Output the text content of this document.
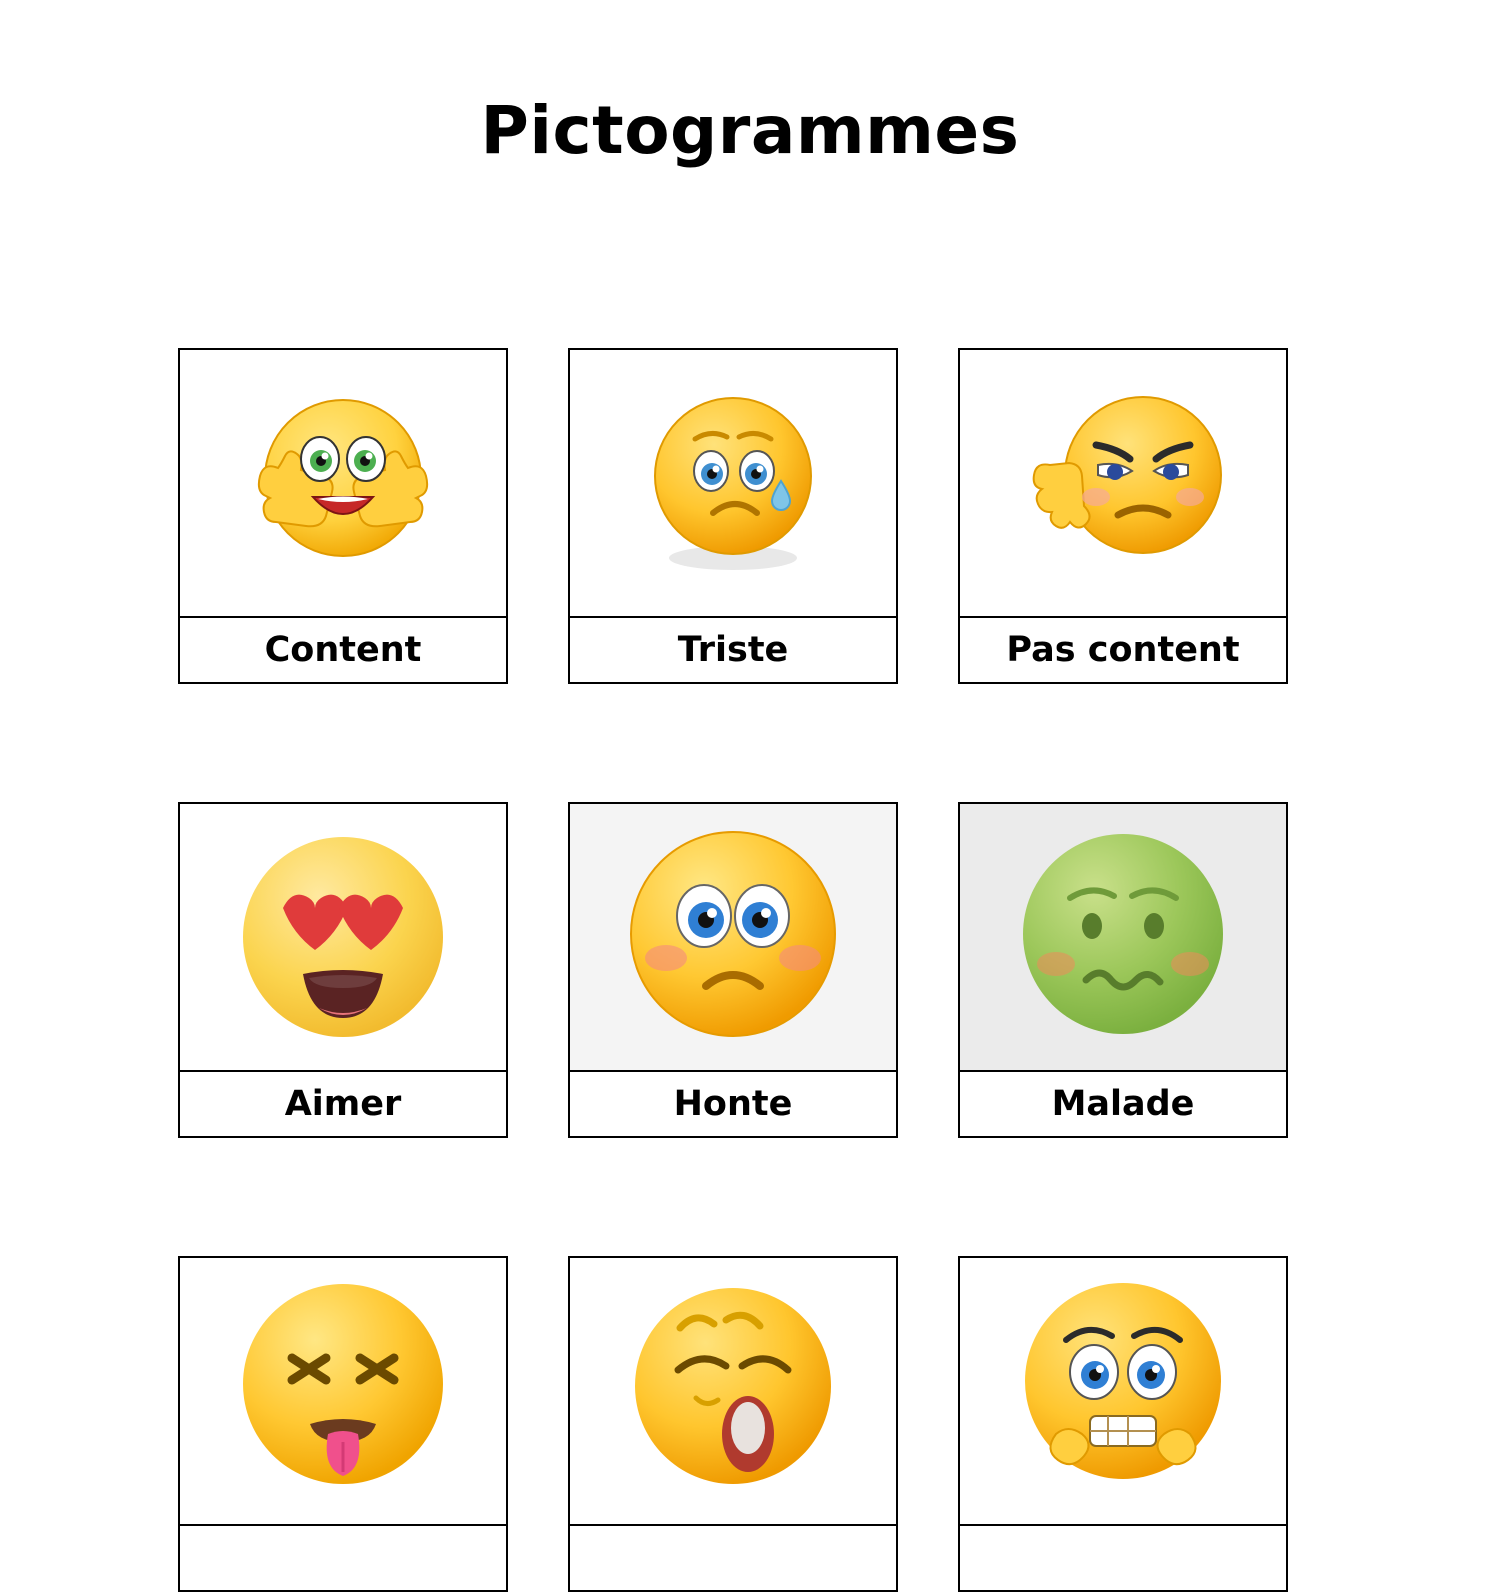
Pictogrammes
Content	Triste	Pas content
Aimer	Honte	Malade
